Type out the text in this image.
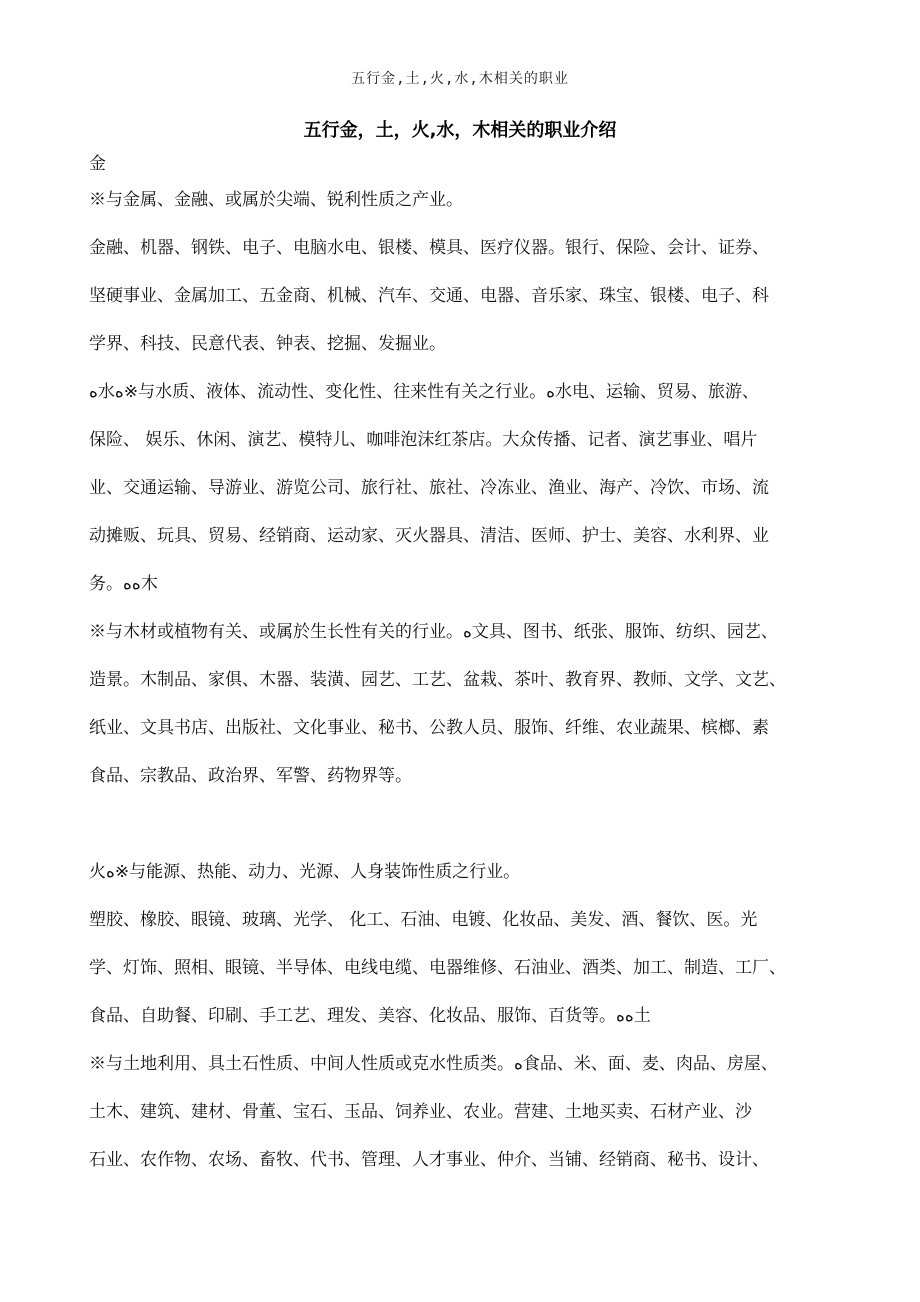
五行金,土,火,水,木相关的职业
五行金，土，火,水，木相关的职业介绍
金
※与金属、金融、或属於尖端、锐利性质之产业。
金融、机器、钢铁、电子、电脑水电、银楼、模具、医疗仪器。银行、保险、会计、证券、
坚硬事业、金属加工、五金商、机械、汽车、交通、电器、音乐家、珠宝、银楼、电子、科
学界、科技、民意代表、钟表、挖掘、发掘业。
ﻩ水ﻩ※与水质、液体、流动性、变化性、往来性有关之行业。ﻩ水电、运输、贸易、旅游、
保险、 娱乐、休闲、演艺、模特儿、咖啡泡沫红茶店。大众传播、记者、演艺事业、唱片
业、交通运输、导游业、游览公司、旅行社、旅社、冷冻业、渔业、海产、冷饮、市场、流
动摊贩、玩具、贸易、经销商、运动家、灭火器具、清洁、医师、护士、美容、水利界、业
务。ﻩﻩ木
※与木材或植物有关、或属於生长性有关的行业。ﻩ文具、图书、纸张、服饰、纺织、园艺、
造景。木制品、家俱、木器、装潢、园艺、工艺、盆栽、茶叶、教育界、教师、文学、文艺、
纸业、文具书店、出版社、文化事业、秘书、公教人员、服饰、纤维、农业蔬果、槟榔、素
食品、宗教品、政治界、军警、药物界等。
火ﻩ※与能源、热能、动力、光源、人身装饰性质之行业。
塑胶、橡胶、眼镜、玻璃、光学、 化工、石油、电镀、化妆品、美发、酒、餐饮、医。光
学、灯饰、照相、眼镜、半导体、电线电缆、电器维修、石油业、酒类、加工、制造、工厂、
食品、自助餐、印刷、手工艺、理发、美容、化妆品、服饰、百货等。ﻩﻩ土
※与土地利用、具土石性质、中间人性质或克水性质类。ﻩ食品、米、面、麦、肉品、房屋、
土木、建筑、建材、骨董、宝石、玉品、饲养业、农业。营建、土地买卖、石材产业、沙
石业、农作物、农场、畜牧、代书、管理、人才事业、仲介、当铺、经销商、秘书、设计、
